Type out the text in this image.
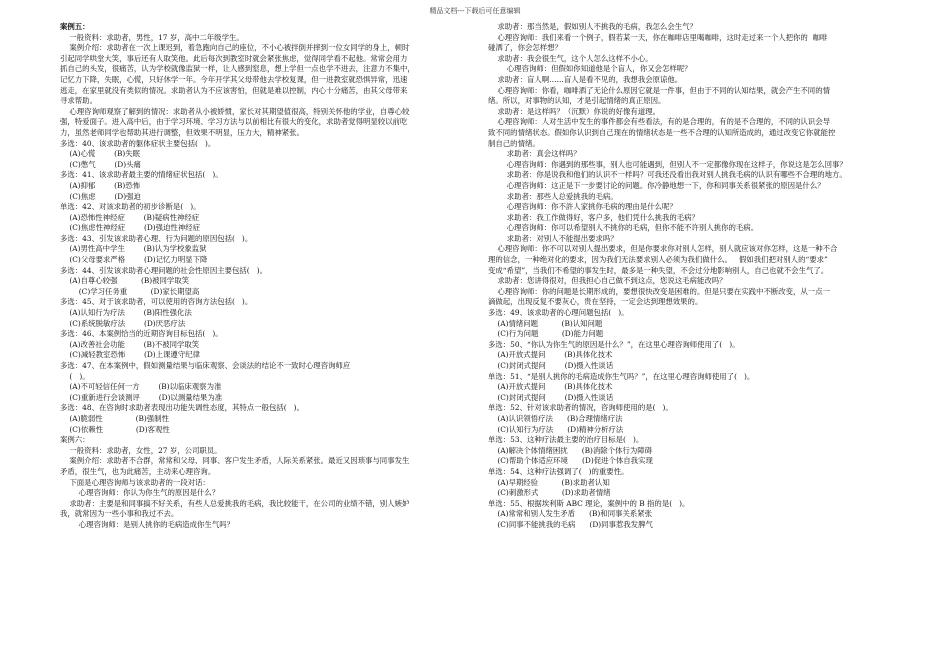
精品文档---下载后可任意编辑
案例五：
一般资料：求助者，男性，17 岁，高中二年级学生。
案例介绍：求助者在一次上课迟到，着急跑向自己的座位，不小心被拌倒并摔到一位女同学的身上，顿时
引起同学哄堂大笑，事后还有人取笑他。此后每次到教室时就会紧张焦虑，觉得同学看不起他。常常会用力
抓自己的头发，很痛苦，认为学校就像监狱一样，让人感到窒息，想上学但一点也学不进去，注意力不集中，
记忆力下降，失眠，心慌，只好休学一年。今年开学其父母带他去学校复课，但一进教室就恐惧异常，迅速
逃走，在家里就没有类似的情况。求助者认为不应该害怕，但就是难以控制，内心十分痛苦，由其父母带来
寻求帮助。
心理咨询师观察了解到的情况：求助者从小被娇惯，家长对其期望值很高，特别关怀他的学业，自尊心较
强，特爱面子。进入高中后，由于学习环境、学习方法与以前相比有很大的变化，求助者觉得明显较以前吃
力，虽然老师同学也帮助其进行调整，但效果不明显，压力大，精神紧张。
多选：40、该求助者的躯体症状主要包括(   )。
(A)心慌        (B)失眠
(C)憋气        (D)头痛
多选：41、该求助者最主要的情绪症状包括(   )。
(A)抑郁        (B)恐怖
(C)焦虑        (D)强迫
单选：42、对该求助者的初步诊断是(   )。
(A)恐怖性神经症        (B)疑病性神经症
(C)焦虑性神经症        (D)强迫性神经症
多选：43、引发该求助者心理、行为问题的原因包括(   )。
(A)男性高中学生        (B)认为学校象监狱
(C)父母要求严格        (D)记忆力明显下降
多选：44、引发该求助者心理问题的社会性原因主要包括(   )。
(A)自尊心较强          (B)被同学取笑
(C)学习任务重          (D)家长期望高
多选：45、对于该求助者，可以使用的咨询方法包括(   )。
(A)认知行为疗法        (B)阳性强化法
(C)系统脱敏疗法        (D)厌恶疗法
多选：46、本案例恰当的近期咨询目标包括(   )。
(A)改善社会功能        (B)不被同学取笑
(C)减轻教室恐怖        (D)上课遵守纪律
多选：47、在本案例中，假如测量结果与临床观察、会谈法的结论不一致时心理咨询师应
(   )。
(A)不可轻信任何一方        (B)以临床观察为准
(C)重新进行会谈测评        (D)以测量结果为准
多选：48、在咨询时求助者表现出功能失调性态度，其特点一般包括(   )。
(A)脆弱性              (B)强制性
(C)依赖性              (D)客观性
案例六：
一般资料：求助者，女性，27 岁，公司职员。
案例介绍：求助者不合群，常常和父母、同事、客户发生矛盾，人际关系紧张。最近又因琐事与同事发生
矛盾，很生气，也为此痛苦，主动来心理咨询。
下面是心理咨询师与该求助者的一段对话：
心理咨询师：你认为你生气的原因是什么？
求助者：主要是和同事搞不好关系，有些人总爱挑我的毛病，我比较能干，在公司的业绩不错，别人嫉妒
我，就常因为一些小事和我过不去。
心理咨询师：是别人挑你的毛病造成你生气吗？
求助者：那当然是，假如别人不挑我的毛病，我怎么会生气？
心理咨询师：我们来看一个例子，假若某一天，你在咖啡店里喝咖啡，这时走过来一个人把你的  咖啡
碰洒了，你会怎样想？
求助者：我会很生气，这个人怎么这样不小心。
心理咨询师：但假如你知道他是个盲人，你又会怎样呢？
求助者：盲人啊……盲人是看不见的，我想我会原谅他。
心理咨询师：你看，咖啡洒了无论什么原因它就是一件事，但由于不同的认知结果，就会产生不同的情
绪。所以，对事物的认知，才是引起情绪的真正原因。
求助者：是这样吗？（沉默）你说的好像有道理。
心理咨询师：人对生活中发生的事件都会有些看法，有的是合理的，有的是不合理的，不同的认识会导
致不同的情绪状态。假如你认识到自己现在的情绪状态是一些不合理的认知所造成的，通过改变它你就能控
制自己的情绪。
求助者：真会这样吗？
心理咨询师：你遇到的那些事，别人也可能遇到，但别人不一定都像你现在这样子，你说这是怎么回事？
求助者：你是说我和他们的认识不一样吗？可我还没看出我对别人挑我毛病的认识有哪些不合理的地方。
心理咨询师：这正是下一步要讨论的问题。你冷静地想一下，你和同事关系很紧张的原因是什么？
求助者：那些人总爱挑我的毛病。
心理咨询师：你不許人家挑你毛病的理由是什么呢？
求助者：我工作做得好，客户多，他们凭什么挑我的毛病？
心理咨询师：你可以希望别人不挑你的毛病，但你不能不许别人挑你的毛病。
求助者：对别人不能提出要求吗？
心理咨询师：你不可以对别人提出要求，但是你要求你对别人怎样，别人就应该对你怎样，这是一种不合
理的信念，一种绝对化的要求，因为我们无法要求别人必须为我们做什么。   假如我们把对别人的“要求”
变成“希望”，当我们不希望的事发生时，最多是一种失望，不会过分地影响别人，自己也就不会生气了。
求助者：您讲得很对，但我担心自己做不到这点，您说这毛病能改吗？
心理咨询师：你的问题是长期形成的，要想很快改变是困难的。但是只要在实践中不断改变，从一点一
滴做起，出现反复不要灰心，贵在坚持，一定会达到理想效果的。
多选：49、该求助者的心理问题包括(   )。
(A)情绪问题          (B)认知问题
(C)行为问题          (D)能力问题
多选：50、“你认为你生气的原因是什么？”，在这里心理咨询师使用了(   )。
(A)开放式提问        (B)具体化技术
(C)封闭式提问        (D)摄入性谈话
单选：51、“是别人挑你的毛病造成你生气吗？”，在这里心理咨询师使用了(   )。
(A)开放式提问        (B)具体化技术
(C)封闭式提问        (D)摄入性谈话
单选：52、针对该求助者的情况，咨询师使用的是(   )。
(A)认识领悟疗法      (B)合理情绪疗法
(C)认知行为疗法      (D)精神分析疗法
单选：53、这种疗法最主要的治疗目标是(   )。
(A)解决个体情绪困扰      (B)消除个体行为障碍
(C)帮助个体适应环境      (D)促进个体自我实现
单选：54、这种疗法强调了(   )的重要性。
(A)早期经验          (B)求助者认知
(C)刺激形式          (D)求助者情绪
单选：55、根据埃利斯 ABC 理论，案例中的 B 指的是(   )。
(A)常常和别人发生矛盾      (B)和同事关系紧张
(C)同事不能挑我的毛病      (D)同事惹我发脾气
